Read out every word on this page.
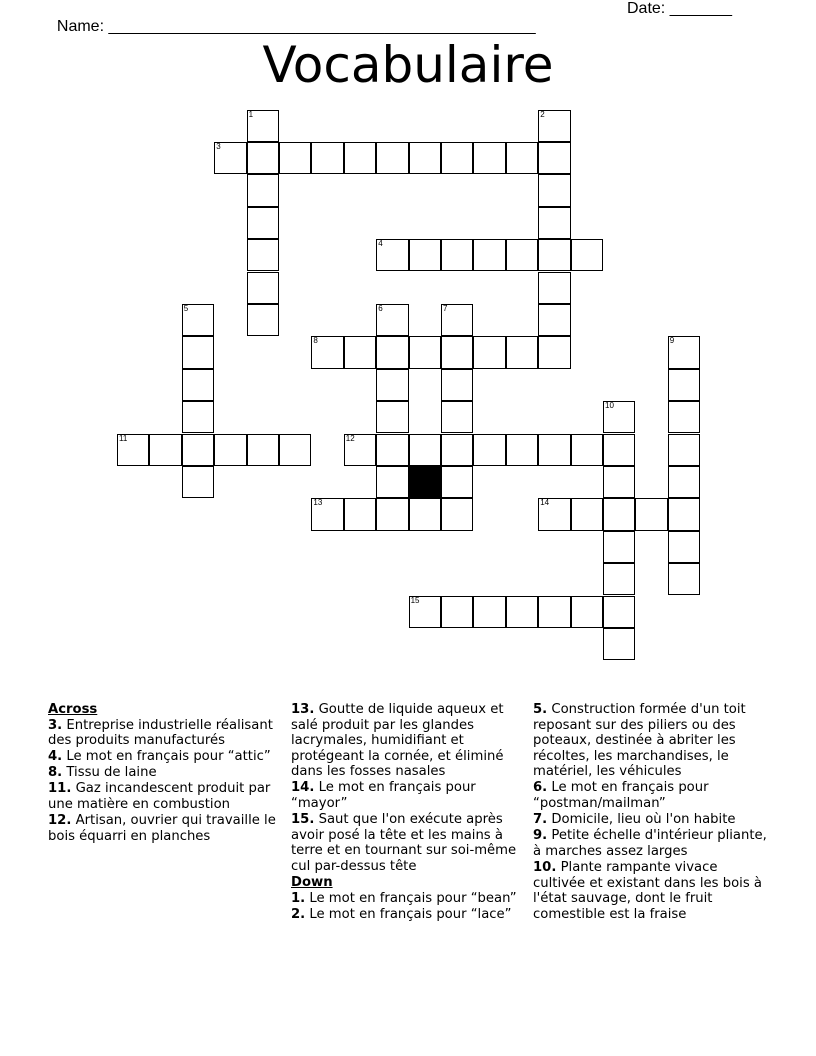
Name: ________________________________________________

Date: _______

Vocabulaire
1	2
3
4
5	6	7
8	9
10
11	12
13	14
15
Across
3. Entreprise industrielle réalisant des produits manufacturés
4. Le mot en français pour “attic”
8. Tissu de laine
11. Gaz incandescent produit par une matière en combustion
12. Artisan, ouvrier qui travaille le bois équarri en planches
13. Goutte de liquide aqueux et salé produit par les glandes lacrymales, humidifiant et protégeant la cornée, et éliminé dans les fosses nasales
14. Le mot en français pour “mayor”
15. Saut que l'on exécute après avoir posé la tête et les mains à terre et en tournant sur soi-même cul par-dessus tête
Down
1. Le mot en français pour “bean”
2. Le mot en français pour “lace”
5. Construction formée d'un toit reposant sur des piliers ou des poteaux, destinée à abriter les récoltes, les marchandises, le matériel, les véhicules
6. Le mot en français pour “postman/mailman”
7. Domicile, lieu où l'on habite
9. Petite échelle d'intérieur pliante, à marches assez larges
10. Plante rampante vivace cultivée et existant dans les bois à l'état sauvage, dont le fruit comestible est la fraise
